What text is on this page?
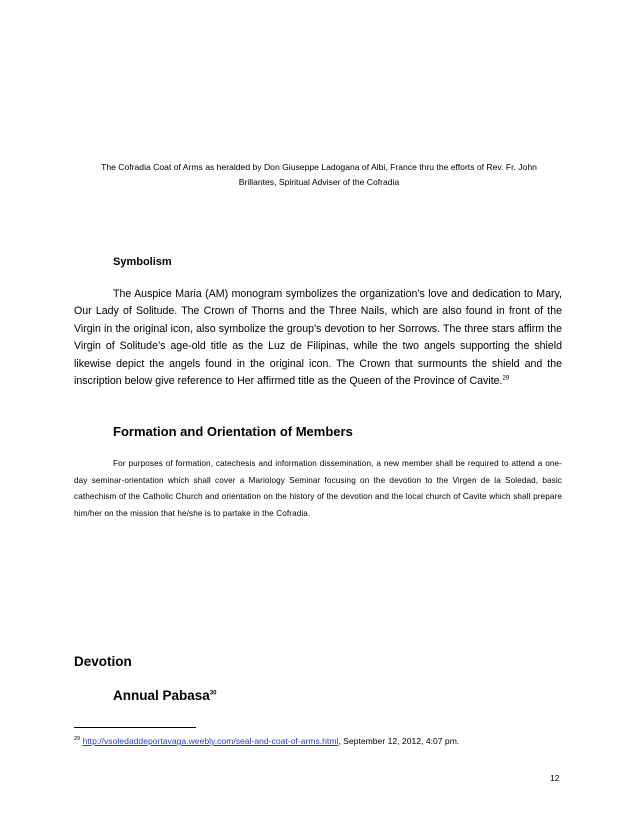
The Cofradia Coat of Arms as heralded by Don Giuseppe Ladogana of Albi, France thru the efforts of Rev. Fr. John
Brillantes, Spiritual Adviser of the Cofradia
Symbolism
The Auspice Maria (AM) monogram symbolizes the organization’s love and dedication to Mary, Our Lady of Solitude. The Crown of Thorns and the Three Nails, which are also found in front of the Virgin in the original icon, also symbolize the group’s devotion to her Sorrows. The three stars affirm the Virgin of Solitude’s age-old title as the Luz de Filipinas, while the two angels supporting the shield likewise depict the angels found in the original icon. The Crown that surmounts the shield and the inscription below give reference to Her affirmed title as the Queen of the Province of Cavite.$^{29}$
Formation and Orientation of Members
For purposes of formation, catechesis and information dissemination, a new member shall be required to attend a one-day seminar-orientation which shall cover a Mariology Seminar focusing on the devotion to the Virgen de la Soledad, basic cathechism of the Catholic Church and orientation on the history of the devotion and the local church of Cavite which shall prepare him/her on the mission that he/she is to partake in the Cofradia.
Devotion
Annual Pabasa$^{30}$
$^{29}$ http://vsoledaddeportavaga.weebly.com/seal-and-coat-of-arms.html, September 12, 2012, 4:07 pm.
12
